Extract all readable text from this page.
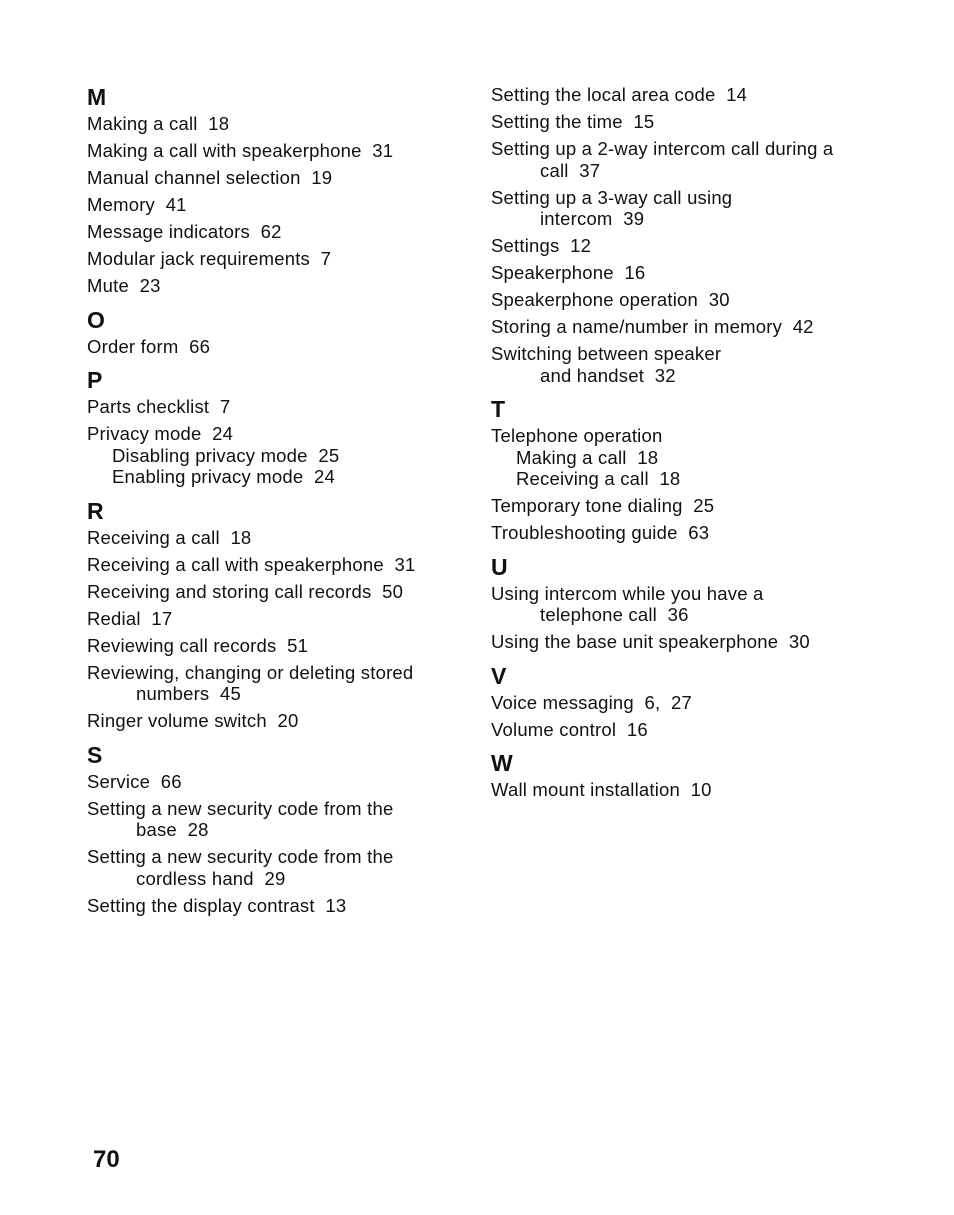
M
Making a call  18
Making a call with speakerphone  31
Manual channel selection  19
Memory  41
Message indicators  62
Modular jack requirements  7
Mute  23
O
Order form  66
P
Parts checklist  7
Privacy mode  24
Disabling privacy mode  25
Enabling privacy mode  24
R
Receiving a call  18
Receiving a call with speakerphone  31
Receiving and storing call records  50
Redial  17
Reviewing call records  51
Reviewing, changing or deleting stored
numbers  45
Ringer volume switch  20
S
Service  66
Setting a new security code from the
base  28
Setting a new security code from the
cordless hand  29
Setting the display contrast  13
Setting the local area code  14
Setting the time  15
Setting up a 2-way intercom call during a
call  37
Setting up a 3-way call using
intercom  39
Settings  12
Speakerphone  16
Speakerphone operation  30
Storing a name/number in memory  42
Switching between speaker
and handset  32
T
Telephone operation
Making a call  18
Receiving a call  18
Temporary tone dialing  25
Troubleshooting guide  63
U
Using intercom while you have a
telephone call  36
Using the base unit speakerphone  30
V
Voice messaging  6,  27
Volume control  16
W
Wall mount installation  10
70
